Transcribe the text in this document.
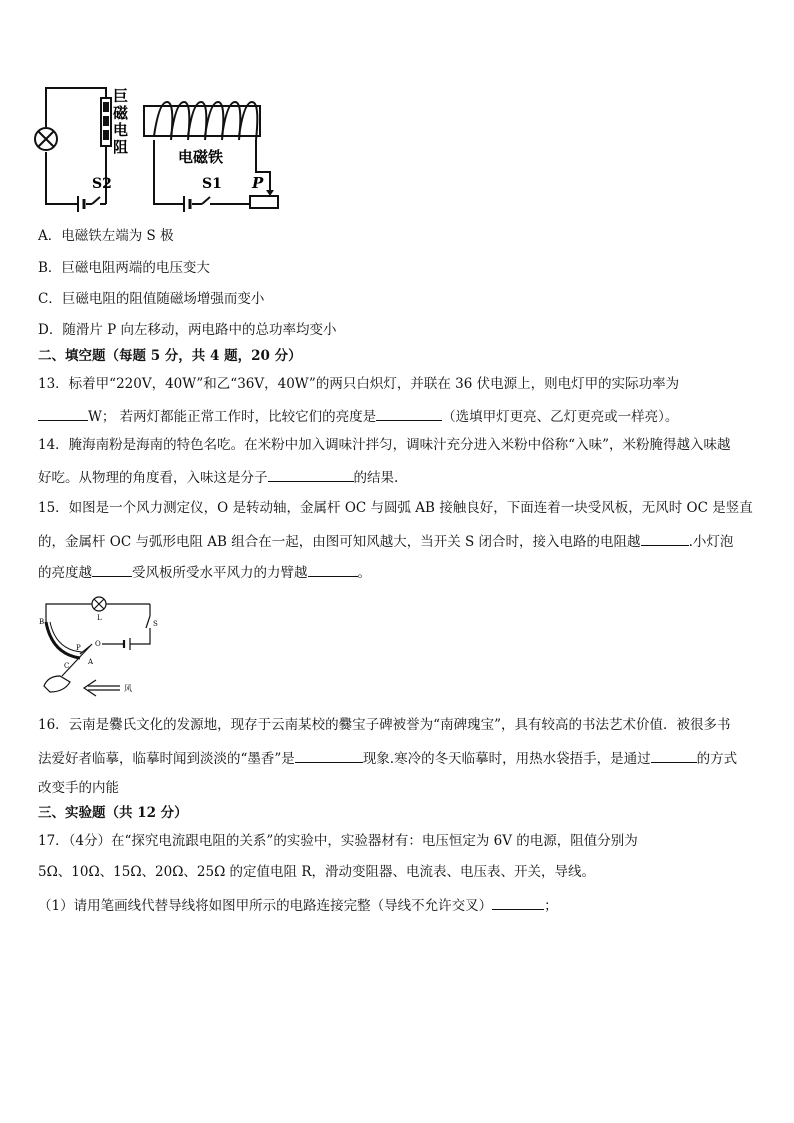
巨
磁
电
阻
电磁铁
S2	S1 P
A．电磁铁左端为 S 极
B．巨磁电阻两端的电压变大
C．巨磁电阻的阻值随磁场增强而变小
D．随滑片 P 向左移动，两电路中的总功率均变小
二、填空题（每题 5 分，共 4 题，20 分）
13．标着甲“220V，40W”和乙“36V，40W”的两只白炽灯，并联在 36 伏电源上，则电灯甲的实际功率为
W； 若两灯都能正常工作时，比较它们的亮度是	（选填甲灯更亮、乙灯更亮或一样亮）。
14．腌海南粉是海南的特色名吃。在米粉中加入调味汁拌匀，调味汁充分进入米粉中俗称“入味”，米粉腌得越入味越
好吃。从物理的角度看，入味这是分子	的结果.
15．如图是一个风力测定仪，O 是转动轴，金属杆 OC 与圆弧 AB 接触良好，下面连着一块受风板，无风时 OC 是竖直
的，金属杆 OC 与弧形电阻 AB 组合在一起，由图可知风越大，当开关 S 闭合时，接入电路的电阻越	.小灯泡
的亮度越	受风板所受水平风力的力臂越	。
B	L
S
P
C	A
O
风
16．云南是爨氏文化的发源地，现存于云南某校的爨宝子碑被誉为“南碑瑰宝”，具有较高的书法艺术价值．被很多书
法爱好者临摹，临摹时闻到淡淡的“墨香”是	现象.寒冷的冬天临摹时，用热水袋捂手，是通过	的方式
改变手的内能
三、实验题（共 12 分）
17．（4分）在“探究电流跟电阻的关系”的实验中，实验器材有：电压恒定为 6V 的电源，阻值分别为
5Ω、10Ω、15Ω、20Ω、25Ω 的定值电阻 R，滑动变阻器、电流表、电压表、开关，导线。
（1）请用笔画线代替导线将如图甲所示的电路连接完整（导线不允许交叉）	；
